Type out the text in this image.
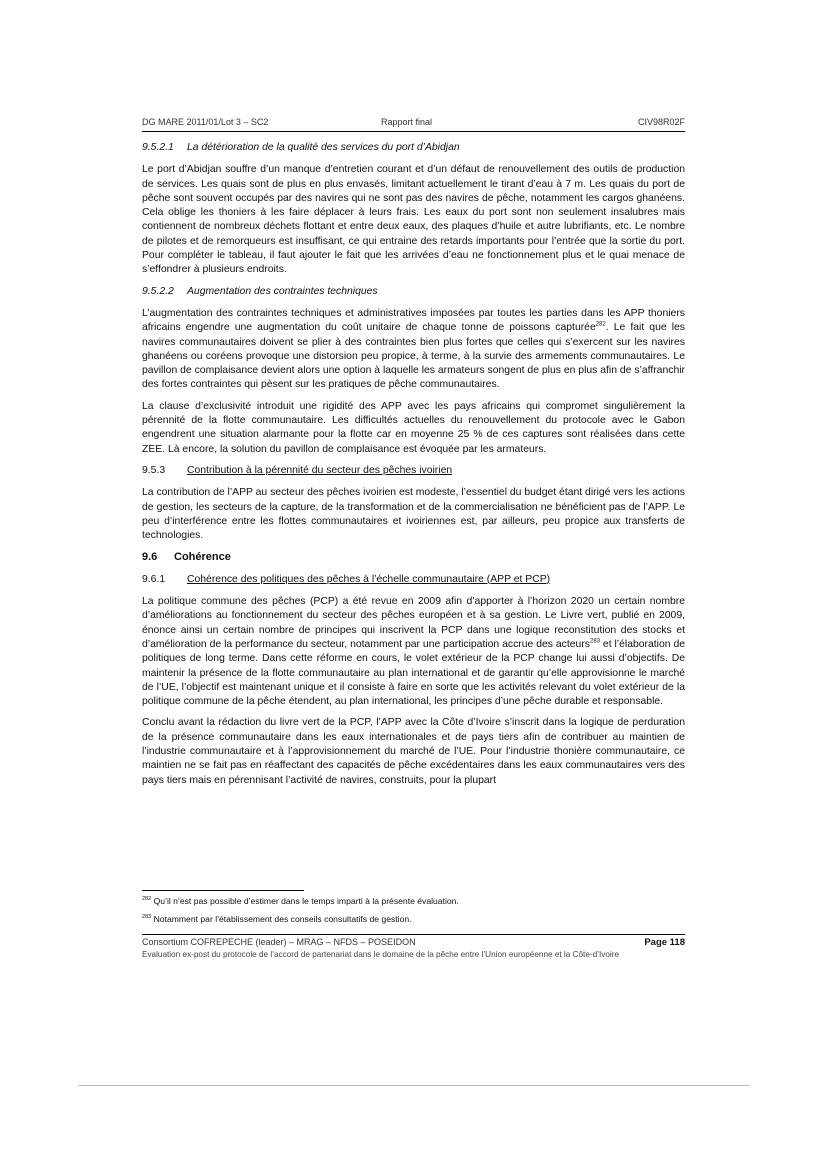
DG MARE 2011/01/Lot 3 – SC2	Rapport final	CIV98R02F
9.5.2.1 La détérioration de la qualité des services du port d’Abidjan

Le port d’Abidjan souffre d’un manque d’entretien courant et d’un défaut de renouvellement des outils de production de services. Les quais sont de plus en plus envasés, limitant actuellement le tirant d’eau à 7 m. Les quais du port de pêche sont souvent occupés par des navires qui ne sont pas des navires de pêche, notamment les cargos ghanéens. Cela oblige les thoniers à les faire déplacer à leurs frais. Les eaux du port sont non seulement insalubres mais contiennent de nombreux déchets flottant et entre deux eaux, des plaques d’huile et autre lubrifiants, etc. Le nombre de pilotes et de remorqueurs est insuffisant, ce qui entraine des retards importants pour l’entrée que la sortie du port. Pour compléter le tableau, il faut ajouter le fait que les arrivées d’eau ne fonctionnement plus et le quai menace de s’effondrer à plusieurs endroits.

9.5.2.2 Augmentation des contraintes techniques

L’augmentation des contraintes techniques et administratives imposées par toutes les parties dans les APP thoniers africains engendre une augmentation du coût unitaire de chaque tonne de poissons capturée$^{282}$. Le fait que les navires communautaires doivent se plier à des contraintes bien plus fortes que celles qui s’exercent sur les navires ghanéens ou coréens provoque une distorsion peu propice, à terme, à la survie des armements communautaires. Le pavillon de complaisance devient alors une option à laquelle les armateurs songent de plus en plus afin de s’affranchir des fortes contraintes qui pèsent sur les pratiques de pêche communautaires.

La clause d’exclusivité introduit une rigidité des APP avec les pays africains qui compromet singulièrement la pérennité de la flotte communautaire. Les difficultés actuelles du renouvellement du protocole avec le Gabon engendrent une situation alarmante pour la flotte car en moyenne 25 % de ces captures sont réalisées dans cette ZEE. Là encore, la solution du pavillon de complaisance est évoquée par les armateurs.

9.5.3 Contribution à la pérennité du secteur des pêches ivoirien

La contribution de l’APP au secteur des pêches ivoirien est modeste, l’essentiel du budget étant dirigé vers les actions de gestion, les secteurs de la capture, de la transformation et de la commercialisation ne bénéficient pas de l’APP. Le peu d’interférence entre les flottes communautaires et ivoiriennes est, par ailleurs, peu propice aux transferts de technologies.

9.6 Cohérence
9.6.1 Cohérence des politiques des pêches à l’échelle communautaire (APP et PCP)

La politique commune des pêches (PCP) a été revue en 2009 afin d’apporter à l’horizon 2020 un certain nombre d’améliorations au fonctionnement du secteur des pêches européen et à sa gestion. Le Livre vert, publié en 2009, énonce ainsi un certain nombre de principes qui inscrivent la PCP dans une logique reconstitution des stocks et d’amélioration de la performance du secteur, notamment par une participation accrue des acteurs$^{283}$ et l’élaboration de politiques de long terme. Dans cette réforme en cours, le volet extérieur de la PCP change lui aussi d’objectifs. De maintenir la présence de la flotte communautaire au plan international et de garantir qu’elle approvisionne le marché de l’UE, l’objectif est maintenant unique et il consiste à faire en sorte que les activités relevant du volet extérieur de la politique commune de la pêche étendent, au plan international, les principes d’une pêche durable et responsable.

Conclu avant la rédaction du livre vert de la PCP, l’APP avec la Côte d’Ivoire s’inscrit dans la logique de perduration de la présence communautaire dans les eaux internationales et de pays tiers afin de contribuer au maintien de l’industrie communautaire et à l’approvisionnement du marché de l’UE. Pour l’industrie thonière communautaire, ce maintien ne se fait pas en réaffectant des capacités de pêche excédentaires dans les eaux communautaires vers des pays tiers mais en pérennisant l’activité de navires, construits, pour la plupart

$^{282}$ Qu’il n’est pas possible d’estimer dans le temps imparti à la présente évaluation.
$^{283}$ Notamment par l’établissement des conseils consultatifs de gestion.
Consortium COFREPECHE (leader) – MRAG – NFDS – POSEIDON	Page 118
Evaluation ex-post du protocole de l’accord de partenariat dans le domaine de la pêche entre l’Union européenne et la Côte-d’Ivoire
